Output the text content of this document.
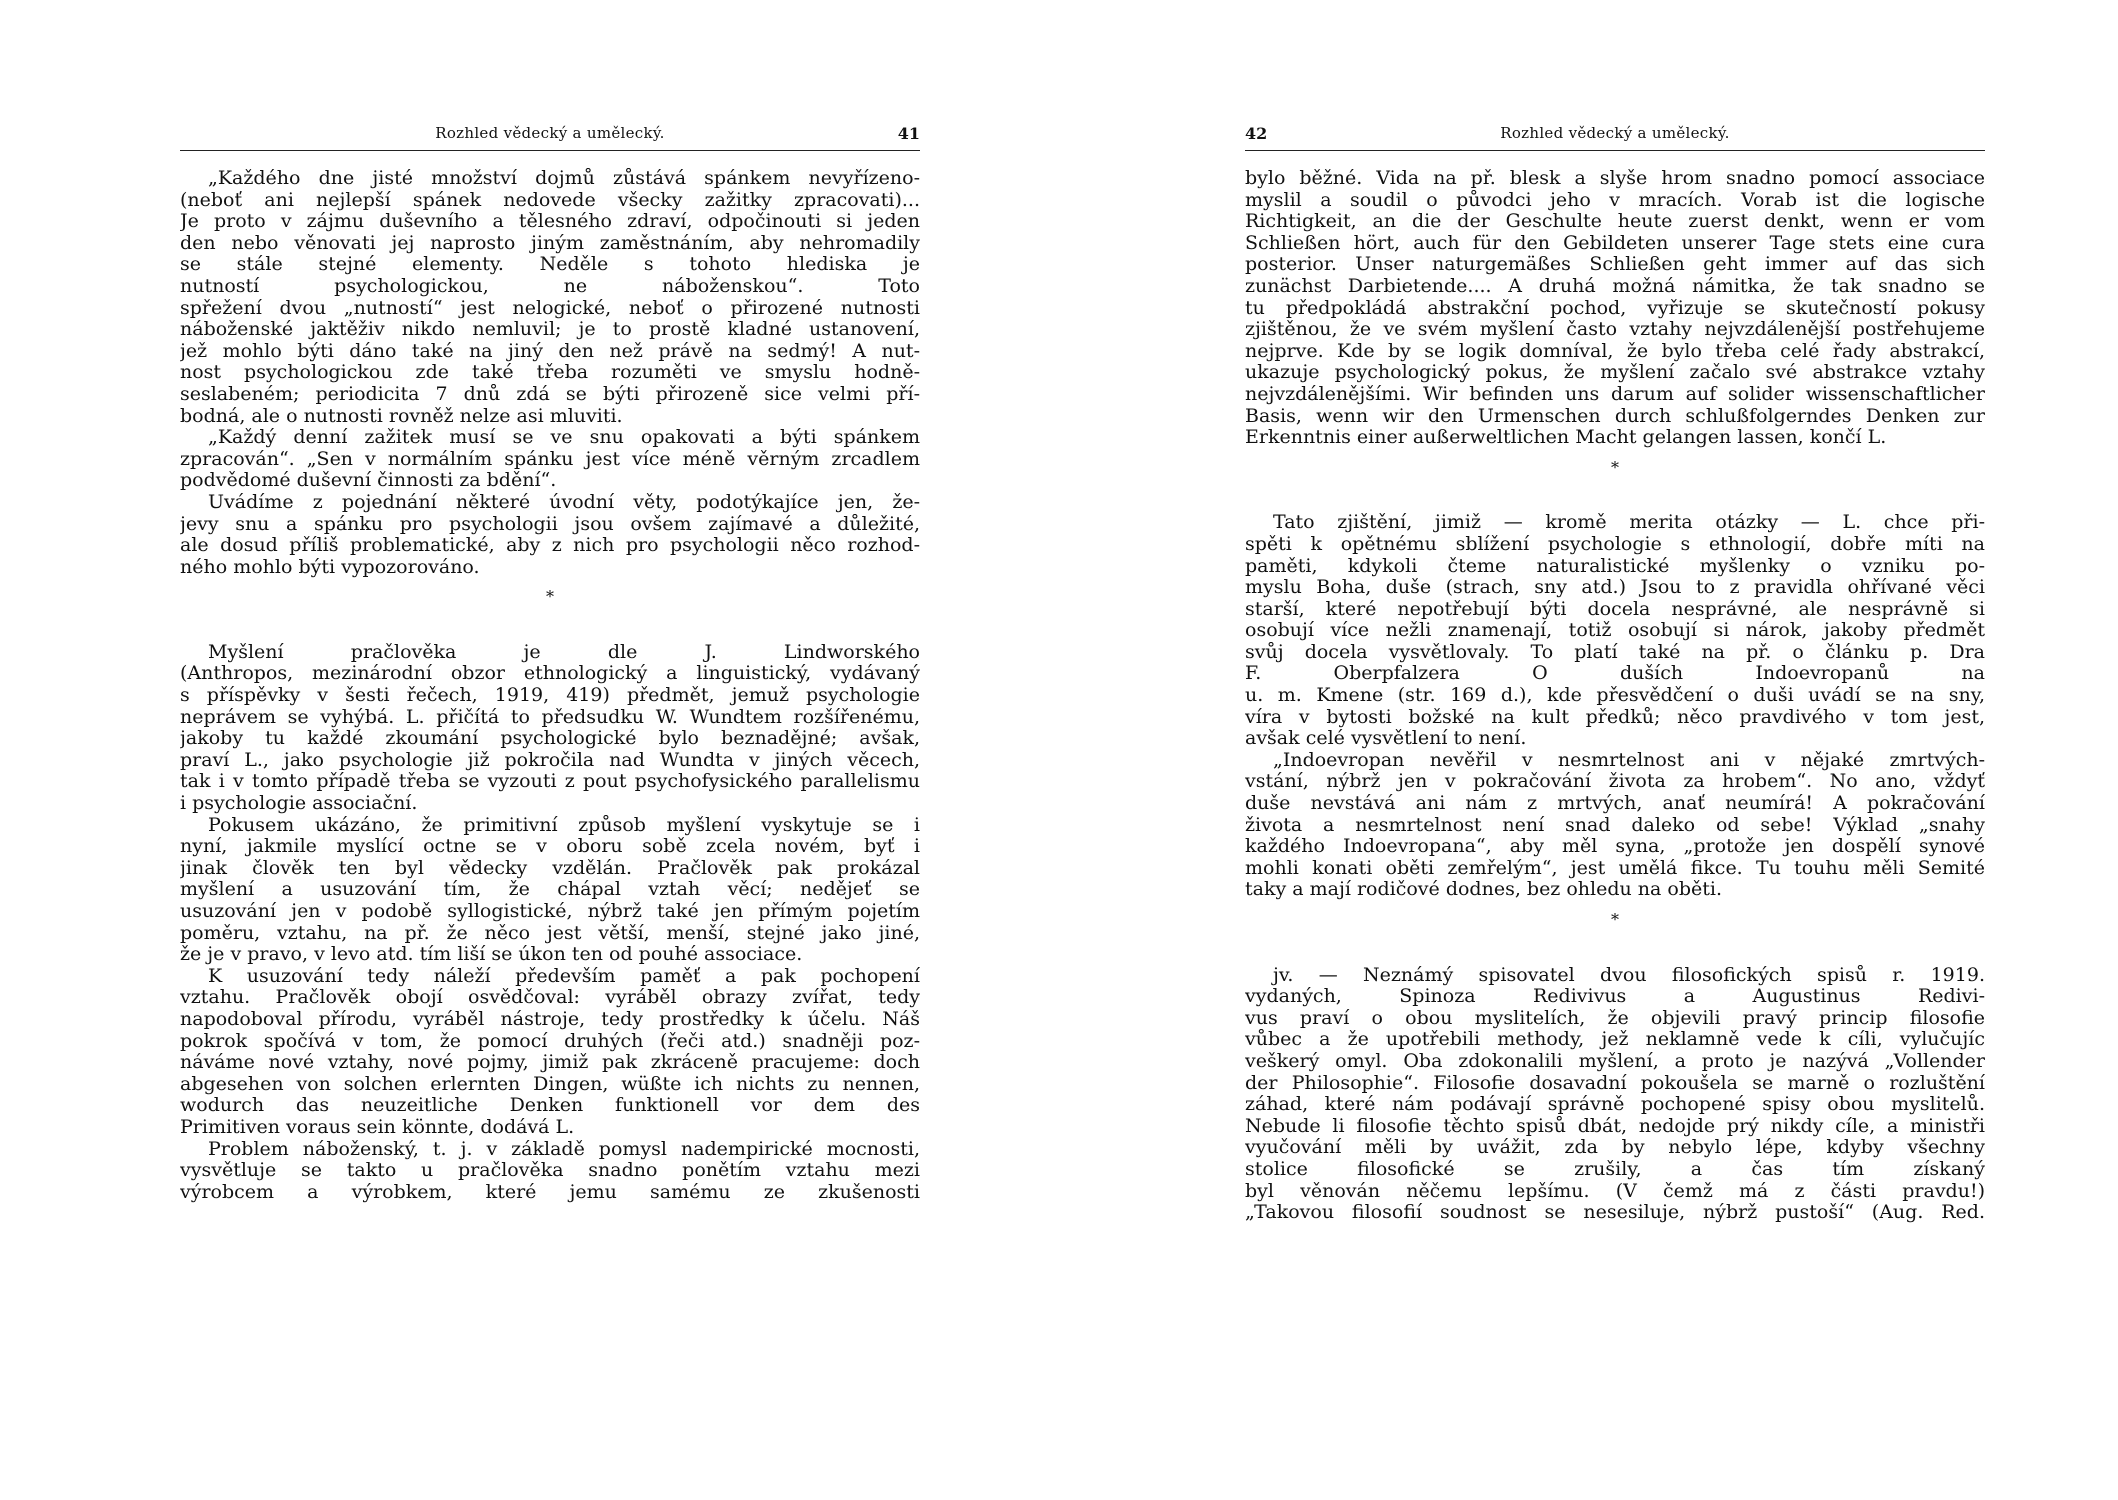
Rozhled vědecký a umělecký.	41
„Každého dne jisté množství dojmů zůstává spánkem nevyřízeno-
(neboť ani nejlepší spánek nedovede všecky zažitky zpracovati)...
Je proto v zájmu duševního a tělesného zdraví, odpočinouti si jeden
den nebo věnovati jej naprosto jiným zaměstnáním, aby nehromadily
se stále stejné elementy. Neděle s tohoto hlediska je
nutností psychologickou, ne náboženskou“. Toto
spřežení dvou „nutností“ jest nelogické, neboť o přirozené nutnosti
náboženské jaktěživ nikdo nemluvil; je to prostě kladné ustanovení,
jež mohlo býti dáno také na jiný den než právě na sedmý! A nut-
nost psychologickou zde také třeba rozuměti ve smyslu hodně-
seslabeném; periodicita 7 dnů zdá se býti přirozeně sice velmi pří-
bodná, ale o nutnosti rovněž nelze asi mluviti.
„Každý denní zažitek musí se ve snu opakovati a býti spánkem
zpracován“. „Sen v normálním spánku jest více méně věrným zrcadlem
podvědomé duševní činnosti za bdění“.
Uvádíme z pojednání některé úvodní věty, podotýkajíce jen, že-
jevy snu a spánku pro psychologii jsou ovšem zajímavé a důležité,
ale dosud příliš problematické, aby z nich pro psychologii něco rozhod-
ného mohlo býti vypozorováno.
*
Myšlení pračlověka je dle J. Lindworského
(Anthropos, mezinárodní obzor ethnologický a linguistický, vydávaný
s příspěvky v šesti řečech, 1919, 419) předmět, jemuž psychologie
neprávem se vyhýbá. L. přičítá to předsudku W. Wundtem rozšířenému,
jakoby tu každé zkoumání psychologické bylo beznadějné; avšak,
praví L., jako psychologie již pokročila nad Wundta v jiných věcech,
tak i v tomto případě třeba se vyzouti z pout psychofysického parallelismu
i psychologie associační.
Pokusem ukázáno, že primitivní způsob myšlení vyskytuje se i
nyní, jakmile myslící octne se v oboru sobě zcela novém, byť i
jinak člověk ten byl vědecky vzdělán. Pračlověk pak prokázal
myšlení a usuzování tím, že chápal vztah věcí; nedějeť se
usuzování jen v podobě syllogistické, nýbrž také jen přímým pojetím
poměru, vztahu, na př. že něco jest větší, menší, stejné jako jiné,
že je v pravo, v levo atd. tím liší se úkon ten od pouhé associace.
K usuzování tedy náleží především paměť a pak pochopení
vztahu. Pračlověk obojí osvědčoval: vyráběl obrazy zvířat, tedy
napodoboval přírodu, vyráběl nástroje, tedy prostředky k účelu. Náš
pokrok spočívá v tom, že pomocí druhých (řeči atd.) snadněji poz-
náváme nové vztahy, nové pojmy, jimiž pak zkráceně pracujeme: doch
abgesehen von solchen erlernten Dingen, wüßte ich nichts zu nennen,
wodurch das neuzeitliche Denken funktionell vor dem des
Primitiven voraus sein könnte, dodává L.
Problem náboženský, t. j. v základě pomysl nadempirické mocnosti,
vysvětluje se takto u pračlověka snadno ponětím vztahu mezi
výrobcem a výrobkem, které jemu samému ze zkušenosti
42	Rozhled vědecký a umělecký.
bylo běžné. Vida na př. blesk a slyše hrom snadno pomocí associace
myslil a soudil o původci jeho v mracích. Vorab ist die logische
Richtigkeit, an die der Geschulte heute zuerst denkt, wenn er vom
Schließen hört, auch für den Gebildeten unserer Tage stets eine cura
posterior. Unser naturgemäßes Schließen geht immer auf das sich
zunächst Darbietende.... A druhá možná námitka, že tak snadno se
tu předpokládá abstrakční pochod, vyřizuje se skutečností pokusy
zjištěnou, že ve svém myšlení často vztahy nejvzdálenější postřehujeme
nejprve. Kde by se logik domníval, že bylo třeba celé řady abstrakcí,
ukazuje psychologický pokus, že myšlení začalo své abstrakce vztahy
nejvzdálenějšími. Wir befinden uns darum auf solider wissenschaftlicher
Basis, wenn wir den Urmenschen durch schlußfolgerndes Denken zur
Erkenntnis einer außerweltlichen Macht gelangen lassen, končí L.
*
Tato zjištění, jimiž — kromě merita otázky — L. chce při-
spěti k opětnému sblížení psychologie s ethnologií, dobře míti na
paměti, kdykoli čteme naturalistické myšlenky o vzniku po-
myslu Boha, duše (strach, sny atd.) Jsou to z pravidla ohřívané věci
starší, které nepotřebují býti docela nesprávné, ale nesprávně si
osobují více nežli znamenají, totiž osobují si nárok, jakoby předmět
svůj docela vysvětlovaly. To platí také na př. o článku p. Dra
F. Oberpfalzera O duších Indoevropanů na
u. m. Kmene (str. 169 d.), kde přesvědčení o duši uvádí se na sny,
víra v bytosti božské na kult předků; něco pravdivého v tom jest,
avšak celé vysvětlení to není.
„Indoevropan nevěřil v nesmrtelnost ani v nějaké zmrtvých-
vstání, nýbrž jen v pokračování života za hrobem“. No ano, vždyť
duše nevstává ani nám z mrtvých, anať neumírá! A pokračování
života a nesmrtelnost není snad daleko od sebe! Výklad „snahy
každého Indoevropana“, aby měl syna, „protože jen dospělí synové
mohli konati oběti zemřelým“, jest umělá fikce. Tu touhu měli Semité
taky a mají rodičové dodnes, bez ohledu na oběti.
*
jv. — Neznámý spisovatel dvou filosofických spisů r. 1919.
vydaných, Spinoza Redivivus a Augustinus Redivi-
vus praví o obou myslitelích, že objevili pravý princip filosofie
vůbec a že upotřebili methody, jež neklamně vede k cíli, vylučujíc
veškerý omyl. Oba zdokonalili myšlení, a proto je nazývá „Vollender
der Philosophie“. Filosofie dosavadní pokoušela se marně o rozluštění
záhad, které nám podávají správně pochopené spisy obou myslitelů.
Nebude li filosofie těchto spisů dbát, nedojde prý nikdy cíle, a ministři
vyučování měli by uvážit, zda by nebylo lépe, kdyby všechny
stolice filosofické se zrušily, a čas tím získaný
byl věnován něčemu lepšímu. (V čemž má z části pravdu!)
„Takovou filosofií soudnost se nesesiluje, nýbrž pustoší“ (Aug. Red.
